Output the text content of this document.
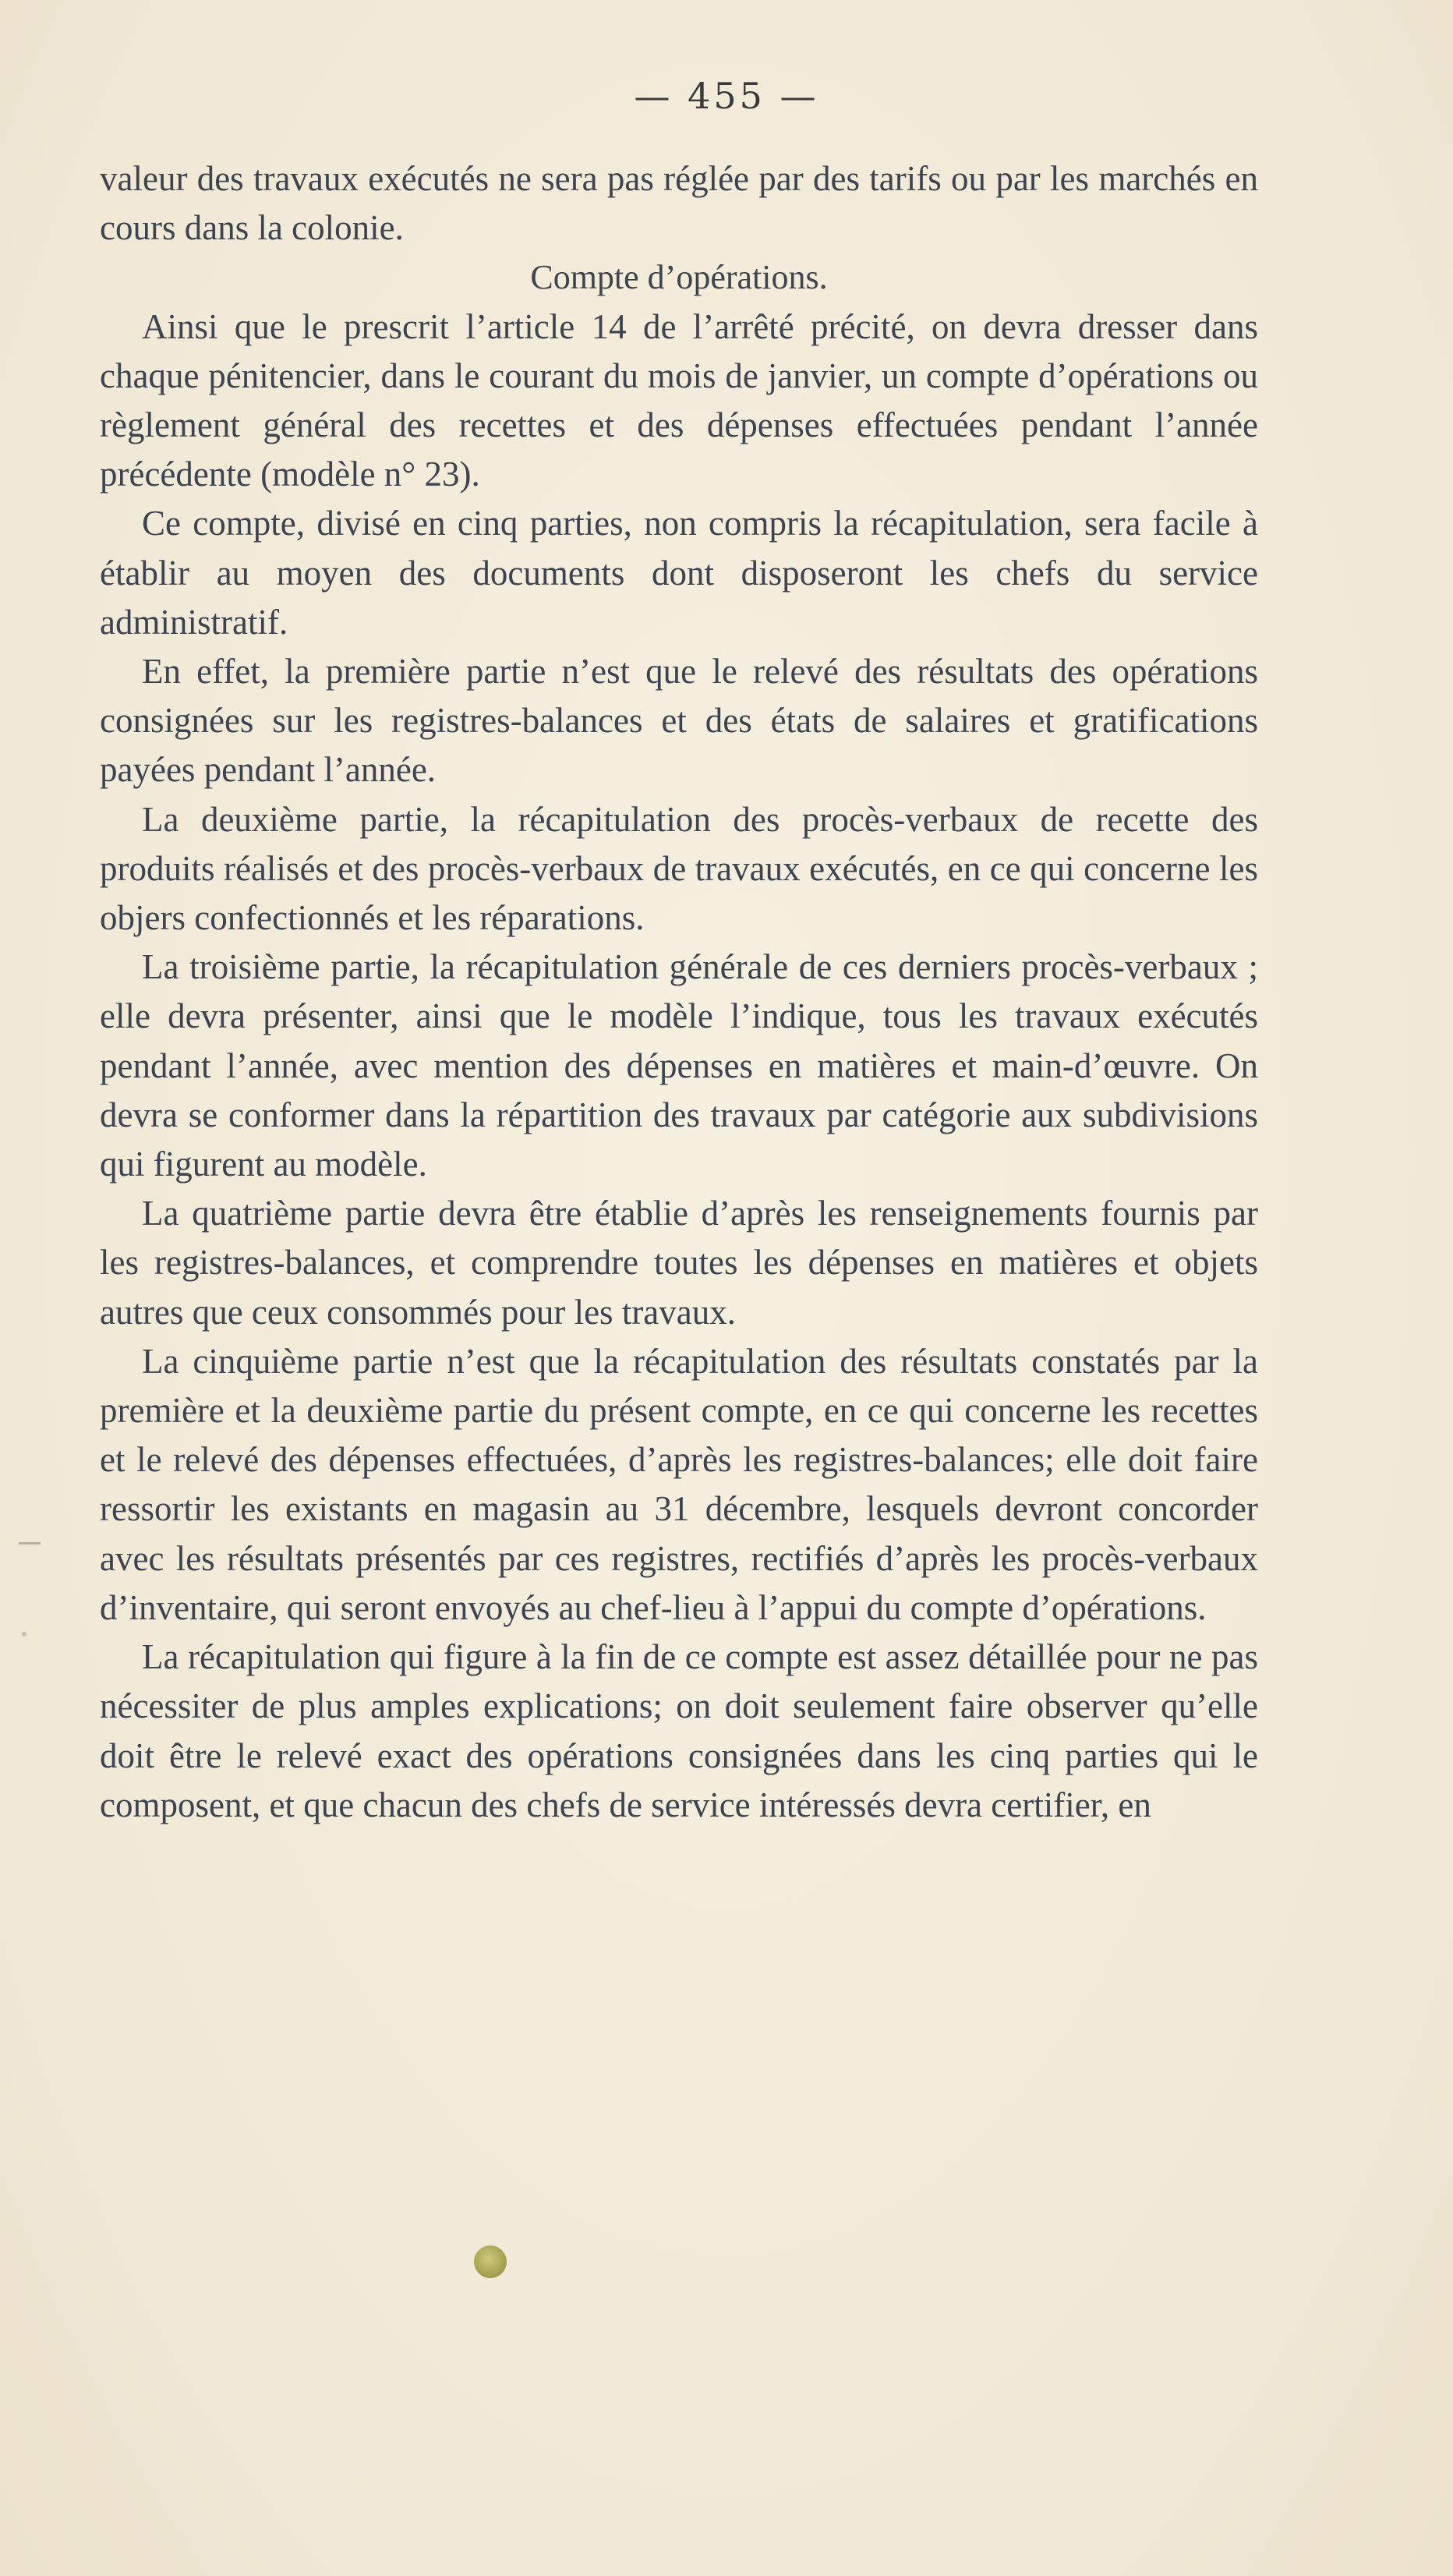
— 455 —

valeur des travaux exécutés ne sera pas réglée par des tarifs ou par les marchés en cours dans la colonie.

Compte d’opérations.

Ainsi que le prescrit l’article 14 de l’arrêté précité, on devra dresser dans chaque pénitencier, dans le courant du mois de janvier, un compte d’opérations ou règlement général des recettes et des dépenses effectuées pendant l’année précédente (modèle n° 23).

Ce compte, divisé en cinq parties, non compris la récapitulation, sera facile à établir au moyen des documents dont disposeront les chefs du service administratif.

En effet, la première partie n’est que le relevé des résultats des opérations consignées sur les registres-balances et des états de salaires et gratifications payées pendant l’année.

La deuxième partie, la récapitulation des procès-verbaux de recette des produits réalisés et des procès-verbaux de travaux exécutés, en ce qui concerne les objers confectionnés et les réparations.

La troisième partie, la récapitulation générale de ces derniers procès-verbaux ; elle devra présenter, ainsi que le modèle l’indique, tous les travaux exécutés pendant l’année, avec mention des dépenses en matières et main-d’œuvre. On devra se conformer dans la répartition des travaux par catégorie aux subdivisions qui figurent au modèle.

La quatrième partie devra être établie d’après les renseignements fournis par les registres-balances, et comprendre toutes les dépenses en matières et objets autres que ceux consommés pour les travaux.

La cinquième partie n’est que la récapitulation des résultats constatés par la première et la deuxième partie du présent compte, en ce qui concerne les recettes et le relevé des dépenses effectuées, d’après les registres-balances; elle doit faire ressortir les existants en magasin au 31 décembre, lesquels devront concorder avec les résultats présentés par ces registres, rectifiés d’après les procès-verbaux d’inventaire, qui seront envoyés au chef-lieu à l’appui du compte d’opérations.

La récapitulation qui figure à la fin de ce compte est assez détaillée pour ne pas nécessiter de plus amples explications; on doit seulement faire observer qu’elle doit être le relevé exact des opérations consignées dans les cinq parties qui le composent, et que chacun des chefs de service intéressés devra certifier, en
